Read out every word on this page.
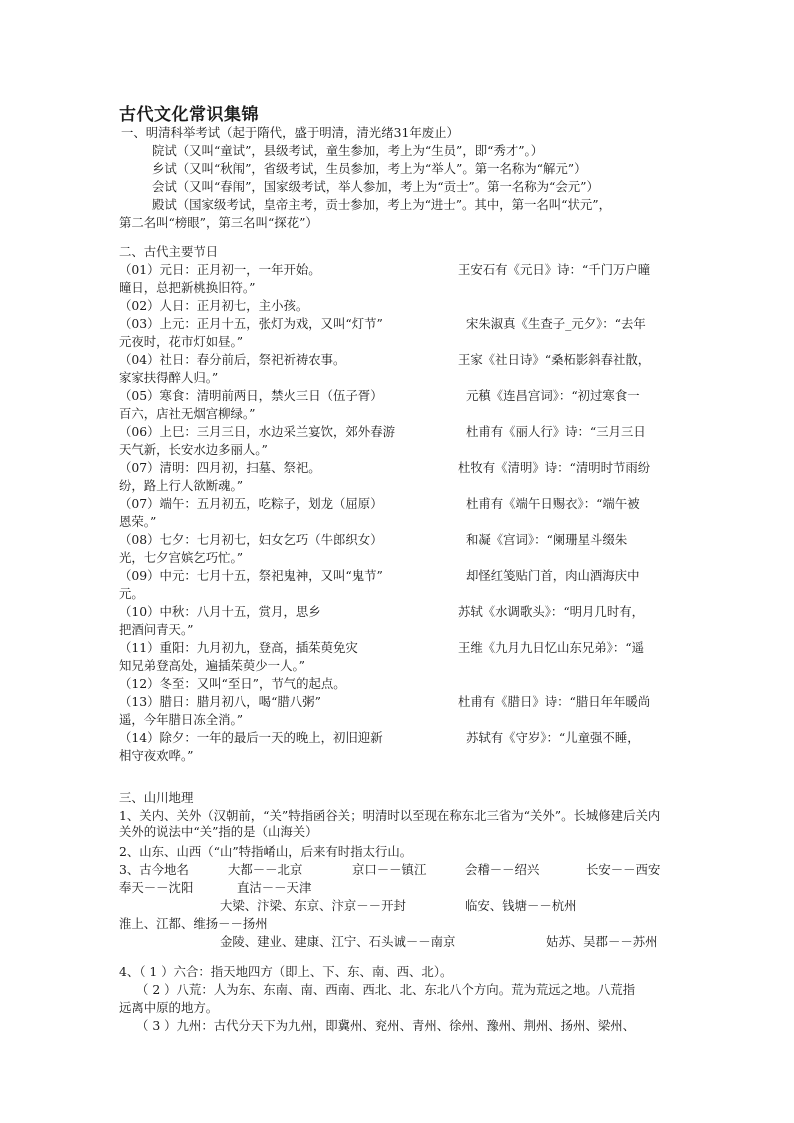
古代文化常识集锦
一、明清科举考试（起于隋代，盛于明清，清光绪31年废止）
院试（又叫“童试”，县级考试，童生参加，考上为“生员”，即“秀才”。）
乡试（又叫“秋闱”，省级考试，生员参加，考上为“举人”。第一名称为“解元”）
会试（又叫“春闱”，国家级考试，举人参加，考上为“贡士”。第一名称为“会元”）
殿试（国家级考试，皇帝主考，贡士参加，考上为“进士”。其中，第一名叫“状元”，
第二名叫“榜眼”，第三名叫“探花”）
二、古代主要节日
（01）元日：正月初一，一年开始。	王安石有《元日》诗：“千门万户曈
曈日，总把新桃换旧符。”
（02）人日：正月初七，主小孩。
（03）上元：正月十五，张灯为戏，又叫“灯节”	宋朱淑真《生查子_元夕》：“去年
元夜时，花市灯如昼。”
（04）社日：春分前后，祭祀祈祷农事。	王家《社日诗》“桑柘影斜春社散，
家家扶得醉人归。”
（05）寒食：清明前两日，禁火三日（伍子胥）	元稹《连昌宫词》：“初过寒食一
百六，店社无烟宫柳绿。”
（06）上巳：三月三日，水边采兰宴饮，郊外春游	杜甫有《丽人行》诗：“三月三日
天气新，长安水边多丽人。”
（07）清明：四月初，扫墓、祭祀。	杜牧有《清明》诗：“清明时节雨纷
纷，路上行人欲断魂。”
（07）端午：五月初五，吃粽子，划龙（屈原）	杜甫有《端午日赐衣》：“端午被
恩荣。”
（08）七夕：七月初七，妇女乞巧（牛郎织女）	和凝《宫词》：“阑珊星斗缀朱
光，七夕宫嫔乞巧忙。”
（09）中元：七月十五，祭祀鬼神，又叫“鬼节”	却怪红笺贴门首，肉山酒海庆中
元。
（10）中秋：八月十五，赏月，思乡	苏轼《水调歌头》：“明月几时有，
把酒问青天。”
（11）重阳：九月初九，登高，插茱萸免灾	王维《九月九日忆山东兄弟》：“遥
知兄弟登高处，遍插茱萸少一人。”
（12）冬至：又叫“至日”，节气的起点。
（13）腊日：腊月初八，喝“腊八粥”	杜甫有《腊日》诗：“腊日年年暖尚
遥，今年腊日冻全消。”
（14）除夕：一年的最后一天的晚上，初旧迎新	苏轼有《守岁》：“儿童强不睡，
相守夜欢哗。”
三、山川地理
1、关内、关外（汉朝前，“关”特指函谷关；明清时以至现在称东北三省为“关外”。长城修建后关内关外的说法中“关”指的是（山海关）
2、山东、山西（“山”特指崤山，后来有时指太行山。
3、古今地名	大都－－北京	京口－－镇江	会稽－－绍兴	长安－－西安
奉天－－沈阳	直沽－－天津
大梁、汴梁、东京、汴京－－开封	临安、钱塘－－杭州
淮上、江都、维扬－－扬州
金陵、建业、建康、江宁、石头诚－－南京	姑苏、吴郡－－苏州
4、（ 1 ）六合：指天地四方（即上、下、东、南、西、北）。
（ 2 ）八荒：人为东、东南、南、西南、西北、北、东北八个方向。荒为荒远之地。八荒指
远离中原的地方。
（ 3 ）九州：古代分天下为九州，即冀州、兖州、青州、徐州、豫州、荆州、扬州、梁州、
